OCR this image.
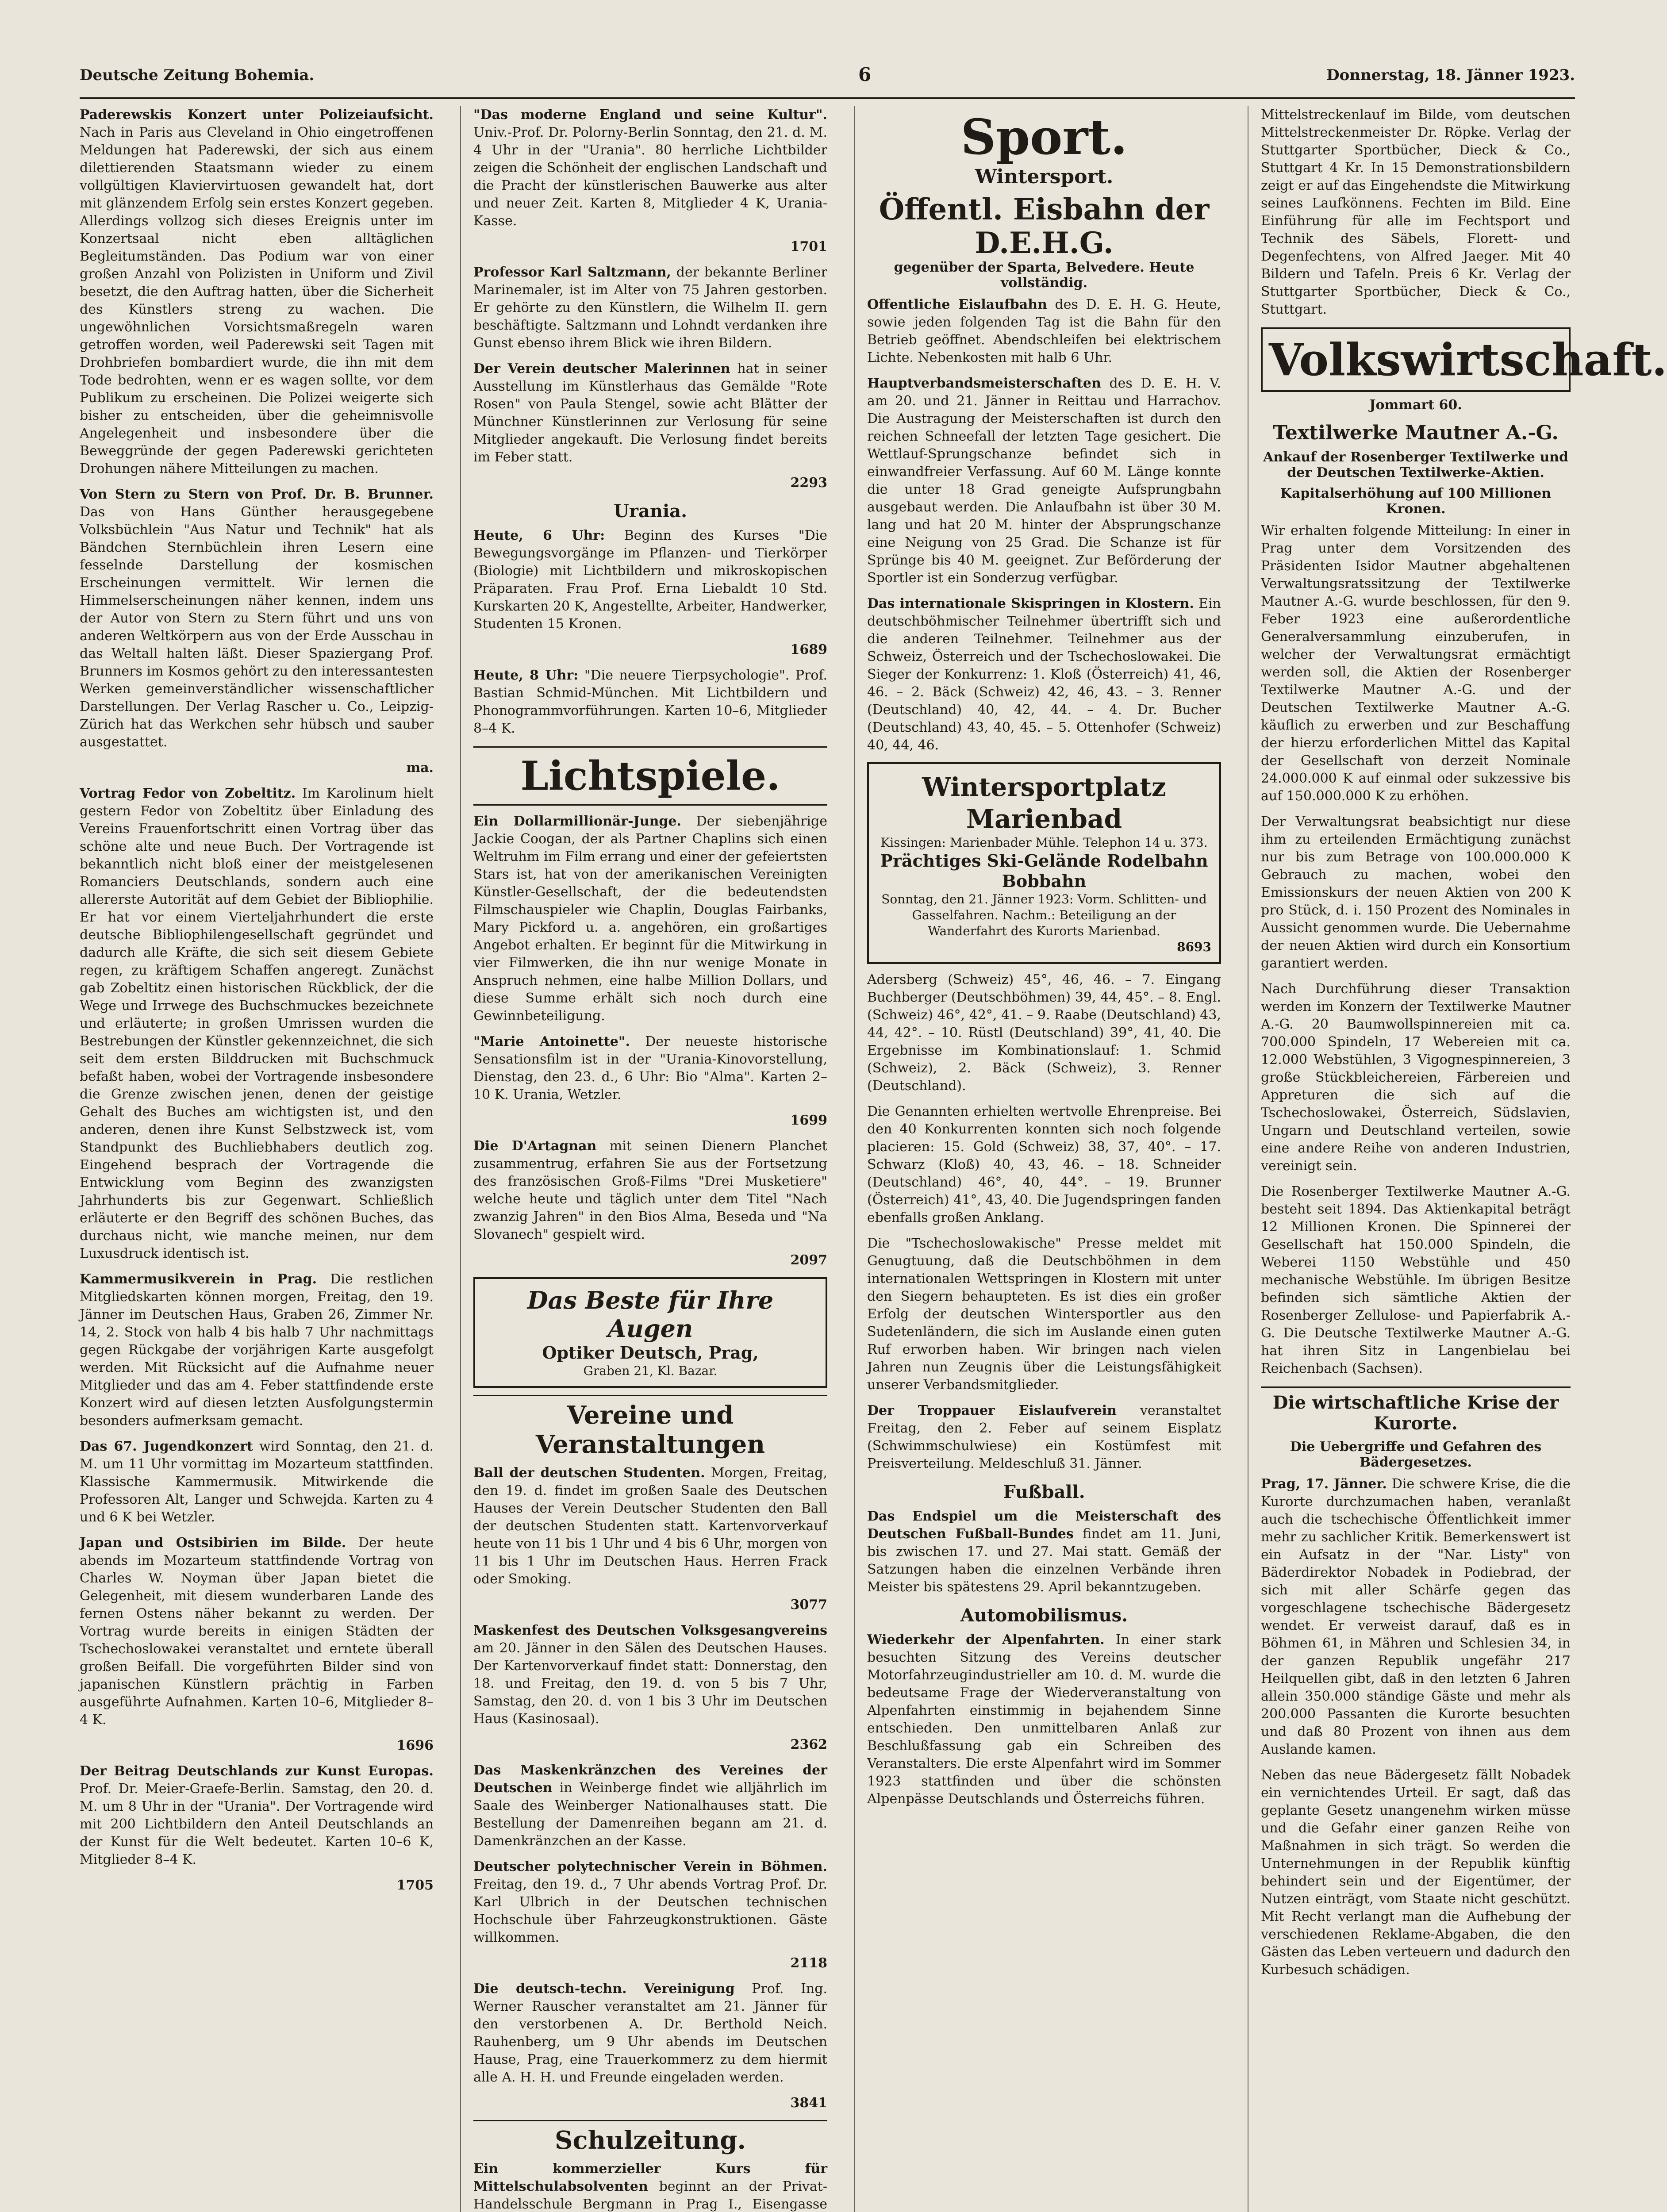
Deutsche Zeitung Bohemia.	6	Donnerstag, 18. Jänner 1923.

Paderewskis Konzert unter Polizeiaufsicht. Nach in Paris aus Cleveland in Ohio eingetroffenen Meldungen hat Paderewski, der sich aus einem dilettierenden Staatsmann wieder zu einem vollgültigen Klaviervirtuosen gewandelt hat, dort mit glänzendem Erfolg sein erstes Konzert gegeben. Allerdings vollzog sich dieses Ereignis unter im Konzertsaal nicht eben alltäglichen Begleitumständen. Das Podium war von einer großen Anzahl von Polizisten in Uniform und Zivil besetzt, die den Auftrag hatten, über die Sicherheit des Künstlers streng zu wachen. Die ungewöhnlichen Vorsichtsmaßregeln waren getroffen worden, weil Paderewski seit Tagen mit Drohbriefen bombardiert wurde, die ihn mit dem Tode bedrohten, wenn er es wagen sollte, vor dem Publikum zu erscheinen. Die Polizei weigerte sich bisher zu entscheiden, über die geheimnisvolle Angelegenheit und insbesondere über die Beweggründe der gegen Paderewski gerichteten Drohungen nähere Mitteilungen zu machen.

Von Stern zu Stern von Prof. Dr. B. Brunner. Das von Hans Günther herausgegebene Volksbüchlein "Aus Natur und Technik" hat als Bändchen Sternbüchlein ihren Lesern eine fesselnde Darstellung der kosmischen Erscheinungen vermittelt. Wir lernen die Himmelserscheinungen näher kennen, indem uns der Autor von Stern zu Stern führt und uns von anderen Weltkörpern aus von der Erde Ausschau in das Weltall halten läßt. Dieser Spaziergang Prof. Brunners im Kosmos gehört zu den interessantesten Werken gemeinverständlicher wissenschaftlicher Darstellungen. Der Verlag Rascher u. Co., Leipzig-Zürich hat das Werkchen sehr hübsch und sauber ausgestattet.

ma.

Vortrag Fedor von Zobeltitz. Im Karolinum hielt gestern Fedor von Zobeltitz über Einladung des Vereins Frauenfortschritt einen Vortrag über das schöne alte und neue Buch. Der Vortragende ist bekanntlich nicht bloß einer der meistgelesenen Romanciers Deutschlands, sondern auch eine allererste Autorität auf dem Gebiet der Bibliophilie. Er hat vor einem Vierteljahrhundert die erste deutsche Bibliophilengesellschaft gegründet und dadurch alle Kräfte, die sich seit diesem Gebiete regen, zu kräftigem Schaffen angeregt. Zunächst gab Zobeltitz einen historischen Rückblick, der die Wege und Irrwege des Buchschmuckes bezeichnete und erläuterte; in großen Umrissen wurden die Bestrebungen der Künstler gekennzeichnet, die sich seit dem ersten Bilddrucken mit Buchschmuck befaßt haben, wobei der Vortragende insbesondere die Grenze zwischen jenen, denen der geistige Gehalt des Buches am wichtigsten ist, und den anderen, denen ihre Kunst Selbstzweck ist, vom Standpunkt des Buchliebhabers deutlich zog. Eingehend besprach der Vortragende die Entwicklung vom Beginn des zwanzigsten Jahrhunderts bis zur Gegenwart. Schließlich erläuterte er den Begriff des schönen Buches, das durchaus nicht, wie manche meinen, nur dem Luxusdruck identisch ist.

Kammermusikverein in Prag. Die restlichen Mitgliedskarten können morgen, Freitag, den 19. Jänner im Deutschen Haus, Graben 26, Zimmer Nr. 14, 2. Stock von halb 4 bis halb 7 Uhr nachmittags gegen Rückgabe der vorjährigen Karte ausgefolgt werden. Mit Rücksicht auf die Aufnahme neuer Mitglieder und das am 4. Feber stattfindende erste Konzert wird auf diesen letzten Ausfolgungstermin besonders aufmerksam gemacht.

Das 67. Jugendkonzert wird Sonntag, den 21. d. M. um 11 Uhr vormittag im Mozarteum stattfinden. Klassische Kammermusik. Mitwirkende die Professoren Alt, Langer und Schwejda. Karten zu 4 und 6 K bei Wetzler.

Japan und Ostsibirien im Bilde. Der heute abends im Mozarteum stattfindende Vortrag von Charles W. Noyman über Japan bietet die Gelegenheit, mit diesem wunderbaren Lande des fernen Ostens näher bekannt zu werden. Der Vortrag wurde bereits in einigen Städten der Tschechoslowakei veranstaltet und erntete überall großen Beifall. Die vorgeführten Bilder sind von japanischen Künstlern prächtig in Farben ausgeführte Aufnahmen. Karten 10–6, Mitglieder 8–4 K.

1696

Der Beitrag Deutschlands zur Kunst Europas. Prof. Dr. Meier-Graefe-Berlin. Samstag, den 20. d. M. um 8 Uhr in der "Urania". Der Vortragende wird mit 200 Lichtbildern den Anteil Deutschlands an der Kunst für die Welt bedeutet. Karten 10–6 K, Mitglieder 8–4 K.

1705

"Das moderne England und seine Kultur". Univ.-Prof. Dr. Polorny-Berlin Sonntag, den 21. d. M. 4 Uhr in der "Urania". 80 herrliche Lichtbilder zeigen die Schönheit der englischen Landschaft und die Pracht der künstlerischen Bauwerke aus alter und neuer Zeit. Karten 8, Mitglieder 4 K, Urania-Kasse.

1701

Professor Karl Saltzmann, der bekannte Berliner Marinemaler, ist im Alter von 75 Jahren gestorben. Er gehörte zu den Künstlern, die Wilhelm II. gern beschäftigte. Saltzmann und Lohndt verdanken ihre Gunst ebenso ihrem Blick wie ihren Bildern.

Der Verein deutscher Malerinnen hat in seiner Ausstellung im Künstlerhaus das Gemälde "Rote Rosen" von Paula Stengel, sowie acht Blätter der Münchner Künstlerinnen zur Verlosung für seine Mitglieder angekauft. Die Verlosung findet bereits im Feber statt.

2293

Urania.

Heute, 6 Uhr: Beginn des Kurses "Die Bewegungsvorgänge im Pflanzen- und Tierkörper (Biologie) mit Lichtbildern und mikroskopischen Präparaten. Frau Prof. Erna Liebaldt 10 Std. Kurskarten 20 K, Angestellte, Arbeiter, Handwerker, Studenten 15 Kronen.

1689

Heute, 8 Uhr: "Die neuere Tierpsychologie". Prof. Bastian Schmid-München. Mit Lichtbildern und Phonogrammvorführungen. Karten 10–6, Mitglieder 8–4 K.

Lichtspiele.

Ein Dollarmillionär-Junge. Der siebenjährige Jackie Coogan, der als Partner Chaplins sich einen Weltruhm im Film errang und einer der gefeiertsten Stars ist, hat von der amerikanischen Vereinigten Künstler-Gesellschaft, der die bedeutendsten Filmschauspieler wie Chaplin, Douglas Fairbanks, Mary Pickford u. a. angehören, ein großartiges Angebot erhalten. Er beginnt für die Mitwirkung in vier Filmwerken, die ihn nur wenige Monate in Anspruch nehmen, eine halbe Million Dollars, und diese Summe erhält sich noch durch eine Gewinnbeteiligung.

"Marie Antoinette". Der neueste historische Sensationsfilm ist in der "Urania-Kinovorstellung, Dienstag, den 23. d., 6 Uhr: Bio "Alma". Karten 2–10 K. Urania, Wetzler.

1699

Die D'Artagnan mit seinen Dienern Planchet zusammentrug, erfahren Sie aus der Fortsetzung des französischen Groß-Films "Drei Musketiere" welche heute und täglich unter dem Titel "Nach zwanzig Jahren" in den Bios Alma, Beseda und "Na Slovanech" gespielt wird.

2097

Das Beste für Ihre Augen
Optiker Deutsch, Prag,
Graben 21, Kl. Bazar.
Vereine und Veranstaltungen

Ball der deutschen Studenten. Morgen, Freitag, den 19. d. findet im großen Saale des Deutschen Hauses der Verein Deutscher Studenten den Ball der deutschen Studenten statt. Kartenvorverkauf heute von 11 bis 1 Uhr und 4 bis 6 Uhr, morgen von 11 bis 1 Uhr im Deutschen Haus. Herren Frack oder Smoking.

3077

Maskenfest des Deutschen Volksgesangvereins am 20. Jänner in den Sälen des Deutschen Hauses. Der Kartenvorverkauf findet statt: Donnerstag, den 18. und Freitag, den 19. d. von 5 bis 7 Uhr, Samstag, den 20. d. von 1 bis 3 Uhr im Deutschen Haus (Kasinosaal).

2362

Das Maskenkränzchen des Vereines der Deutschen in Weinberge findet wie alljährlich im Saale des Weinberger Nationalhauses statt. Die Bestellung der Damenreihen begann am 21. d. Damenkränzchen an der Kasse.

Deutscher polytechnischer Verein in Böhmen. Freitag, den 19. d., 7 Uhr abends Vortrag Prof. Dr. Karl Ulbrich in der Deutschen technischen Hochschule über Fahrzeugkonstruktionen. Gäste willkommen.

2118

Die deutsch-techn. Vereinigung Prof. Ing. Werner Rauscher veranstaltet am 21. Jänner für den verstorbenen A. Dr. Berthold Neich. Rauhenberg, um 9 Uhr abends im Deutschen Hause, Prag, eine Trauerkommerz zu dem hiermit alle A. H. H. und Freunde eingeladen werden.

3841

Schulzeitung.

Ein kommerzieller Kurs für Mittelschulabsolventen beginnt an der Privat-Handelsschule Bergmann in Prag I., Eisengasse

Sport.
Wintersport.
Öffentl. Eisbahn der D.E.H.G.
gegenüber der Sparta, Belvedere. Heute vollständig.

Offentliche Eislaufbahn des D. E. H. G. Heute, sowie jeden folgenden Tag ist die Bahn für den Betrieb geöffnet. Abendschleifen bei elektrischem Lichte. Nebenkosten mit halb 6 Uhr.

Hauptverbandsmeisterschaften des D. E. H. V. am 20. und 21. Jänner in Reittau und Harrachov. Die Austragung der Meisterschaften ist durch den reichen Schneefall der letzten Tage gesichert. Die Wettlauf-Sprungschanze befindet sich in einwandfreier Verfassung. Auf 60 M. Länge konnte die unter 18 Grad geneigte Aufsprungbahn ausgebaut werden. Die Anlaufbahn ist über 30 M. lang und hat 20 M. hinter der Absprungschanze eine Neigung von 25 Grad. Die Schanze ist für Sprünge bis 40 M. geeignet. Zur Beförderung der Sportler ist ein Sonderzug verfügbar.

Das internationale Skispringen in Klostern. Ein deutschböhmischer Teilnehmer übertrifft sich und die anderen Teilnehmer. Teilnehmer aus der Schweiz, Österreich und der Tschechoslowakei. Die Sieger der Konkurrenz: 1. Kloß (Österreich) 41, 46, 46. – 2. Bäck (Schweiz) 42, 46, 43. – 3. Renner (Deutschland) 40, 42, 44. – 4. Dr. Bucher (Deutschland) 43, 40, 45. – 5. Ottenhofer (Schweiz) 40, 44, 46.

Wintersportplatz Marienbad
Kissingen: Marienbader Mühle. Telephon 14 u. 373.
Prächtiges Ski-Gelände Rodelbahn Bobbahn
Sonntag, den 21. Jänner 1923: Vorm. Schlitten- und Gasselfahren. Nachm.: Beteiligung an der Wanderfahrt des Kurorts Marienbad.
8693

Adersberg (Schweiz) 45°, 46, 46. – 7. Eingang Buchberger (Deutschböhmen) 39, 44, 45°. – 8. Engl. (Schweiz) 46°, 42°, 41. – 9. Raabe (Deutschland) 43, 44, 42°. – 10. Rüstl (Deutschland) 39°, 41, 40. Die Ergebnisse im Kombinationslauf: 1. Schmid (Schweiz), 2. Bäck (Schweiz), 3. Renner (Deutschland).

Die Genannten erhielten wertvolle Ehrenpreise. Bei den 40 Konkurrenten konnten sich noch folgende placieren: 15. Gold (Schweiz) 38, 37, 40°. – 17. Schwarz (Kloß) 40, 43, 46. – 18. Schneider (Deutschland) 46°, 40, 44°. – 19. Brunner (Österreich) 41°, 43, 40. Die Jugendspringen fanden ebenfalls großen Anklang.

Die "Tschechoslowakische" Presse meldet mit Genugtuung, daß die Deutschböhmen in dem internationalen Wettspringen in Klostern mit unter den Siegern behaupteten. Es ist dies ein großer Erfolg der deutschen Wintersportler aus den Sudetenländern, die sich im Auslande einen guten Ruf erworben haben. Wir bringen nach vielen Jahren nun Zeugnis über die Leistungsfähigkeit unserer Verbandsmitglieder.

Der Troppauer Eislaufverein veranstaltet Freitag, den 2. Feber auf seinem Eisplatz (Schwimmschulwiese) ein Kostümfest mit Preisverteilung. Meldeschluß 31. Jänner.

Fußball.

Das Endspiel um die Meisterschaft des Deutschen Fußball-Bundes findet am 11. Juni, bis zwischen 17. und 27. Mai statt. Gemäß der Satzungen haben die einzelnen Verbände ihren Meister bis spätestens 29. April bekanntzugeben.

Automobilismus.

Wiederkehr der Alpenfahrten. In einer stark besuchten Sitzung des Vereins deutscher Motorfahrzeugindustrieller am 10. d. M. wurde die bedeutsame Frage der Wiederveranstaltung von Alpenfahrten einstimmig in bejahendem Sinne entschieden. Den unmittelbaren Anlaß zur Beschlußfassung gab ein Schreiben des Veranstalters. Die erste Alpenfahrt wird im Sommer 1923 stattfinden und über die schönsten Alpenpässe Deutschlands und Österreichs führen.

Mittelstreckenlauf im Bilde, vom deutschen Mittelstreckenmeister Dr. Röpke. Verlag der Stuttgarter Sportbücher, Dieck & Co., Stuttgart 4 Kr. In 15 Demonstrationsbildern zeigt er auf das Eingehendste die Mitwirkung seines Laufkönnens. Fechten im Bild. Eine Einführung für alle im Fechtsport und Technik des Säbels, Florett- und Degenfechtens, von Alfred Jaeger. Mit 40 Bildern und Tafeln. Preis 6 Kr. Verlag der Stuttgarter Sportbücher, Dieck & Co., Stuttgart.

Volkswirtschaft.
Jommart 60.
Textilwerke Mautner A.-G.
Ankauf der Rosenberger Textilwerke und der Deutschen Textilwerke-Aktien.
Kapitalserhöhung auf 100 Millionen Kronen.

Wir erhalten folgende Mitteilung: In einer in Prag unter dem Vorsitzenden des Präsidenten Isidor Mautner abgehaltenen Verwaltungsratssitzung der Textilwerke Mautner A.-G. wurde beschlossen, für den 9. Feber 1923 eine außerordentliche Generalversammlung einzuberufen, in welcher der Verwaltungsrat ermächtigt werden soll, die Aktien der Rosenberger Textilwerke Mautner A.-G. und der Deutschen Textilwerke Mautner A.-G. käuflich zu erwerben und zur Beschaffung der hierzu erforderlichen Mittel das Kapital der Gesellschaft von derzeit Nominale 24.000.000 K auf einmal oder sukzessive bis auf 150.000.000 K zu erhöhen.

Der Verwaltungsrat beabsichtigt nur diese ihm zu erteilenden Ermächtigung zunächst nur bis zum Betrage von 100.000.000 K Gebrauch zu machen, wobei den Emissionskurs der neuen Aktien von 200 K pro Stück, d. i. 150 Prozent des Nominales in Aussicht genommen wurde. Die Uebernahme der neuen Aktien wird durch ein Konsortium garantiert werden.

Nach Durchführung dieser Transaktion werden im Konzern der Textilwerke Mautner A.-G. 20 Baumwollspinnereien mit ca. 700.000 Spindeln, 17 Webereien mit ca. 12.000 Webstühlen, 3 Vigognespinnereien, 3 große Stückbleichereien, Färbereien und Appreturen die sich auf die Tschechoslowakei, Österreich, Südslavien, Ungarn und Deutschland verteilen, sowie eine andere Reihe von anderen Industrien, vereinigt sein.

Die Rosenberger Textilwerke Mautner A.-G. besteht seit 1894. Das Aktienkapital beträgt 12 Millionen Kronen. Die Spinnerei der Gesellschaft hat 150.000 Spindeln, die Weberei 1150 Webstühle und 450 mechanische Webstühle. Im übrigen Besitze befinden sich sämtliche Aktien der Rosenberger Zellulose- und Papierfabrik A.-G. Die Deutsche Textilwerke Mautner A.-G. hat ihren Sitz in Langenbielau bei Reichenbach (Sachsen).

Die wirtschaftliche Krise der Kurorte.
Die Uebergriffe und Gefahren des Bädergesetzes.

Prag, 17. Jänner. Die schwere Krise, die die Kurorte durchzumachen haben, veranlaßt auch die tschechische Öffentlichkeit immer mehr zu sachlicher Kritik. Bemerkenswert ist ein Aufsatz in der "Nar. Listy" von Bäderdirektor Nobadek in Podiebrad, der sich mit aller Schärfe gegen das vorgeschlagene tschechische Bädergesetz wendet. Er verweist darauf, daß es in Böhmen 61, in Mähren und Schlesien 34, in der ganzen Republik ungefähr 217 Heilquellen gibt, daß in den letzten 6 Jahren allein 350.000 ständige Gäste und mehr als 200.000 Passanten die Kurorte besuchten und daß 80 Prozent von ihnen aus dem Auslande kamen.

Neben das neue Bädergesetz fällt Nobadek ein vernichtendes Urteil. Er sagt, daß das geplante Gesetz unangenehm wirken müsse und die Gefahr einer ganzen Reihe von Maßnahmen in sich trägt. So werden die Unternehmungen in der Republik künftig behindert sein und der Eigentümer, der Nutzen einträgt, vom Staate nicht geschützt. Mit Recht verlangt man die Aufhebung der verschiedenen Reklame-Abgaben, die den Gästen das Leben verteuern und dadurch den Kurbesuch schädigen.
